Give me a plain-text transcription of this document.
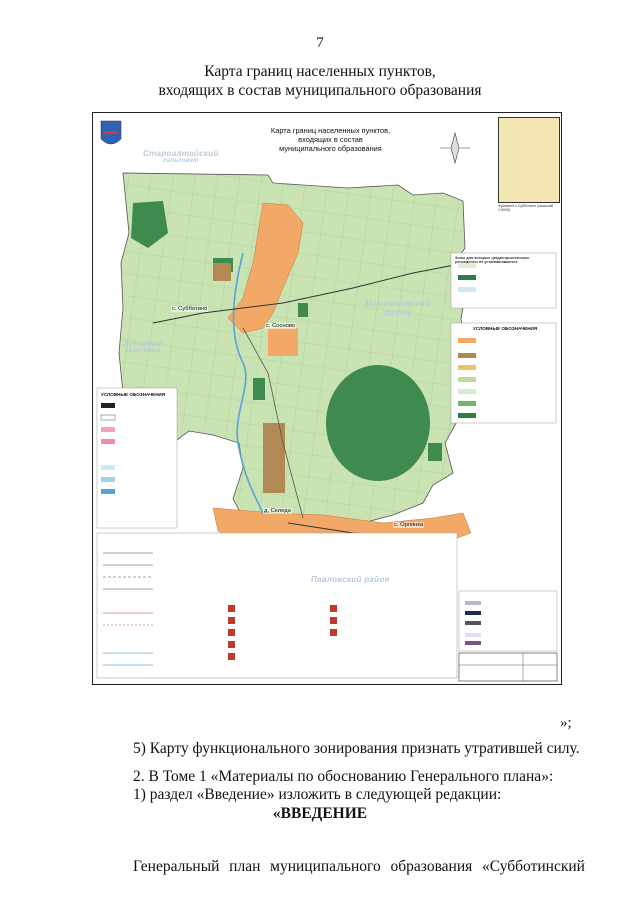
7
Карта границ населенных пунктов,
входящих в состав муниципального образования
Карта границ населенных пунктов,
входящих в состав
муниципального образования
Фрагмент с.Субботино (масштаб 1:5000)
Староалтайский
сельсовет
Зуевский
сельсовет
Мамонтовский
район
Павловский район
с. Субботино
с. Сосново
д. Селеда
с. Орлянка
Зоны для которых градостроительные регламенты не устанавливаются
УСЛОВНЫЕ ОБОЗНАЧЕНИЯ
УСЛОВНЫЕ ОБОЗНАЧЕНИЯ
»;
5) Карту функционального зонирования признать утратившей силу.
2. В Томе 1 «Материалы по обоснованию Генерального плана»:
1) раздел «Введение» изложить в следующей редакции:
«ВВЕДЕНИЕ
Генеральный план муниципального образования «Субботинский
